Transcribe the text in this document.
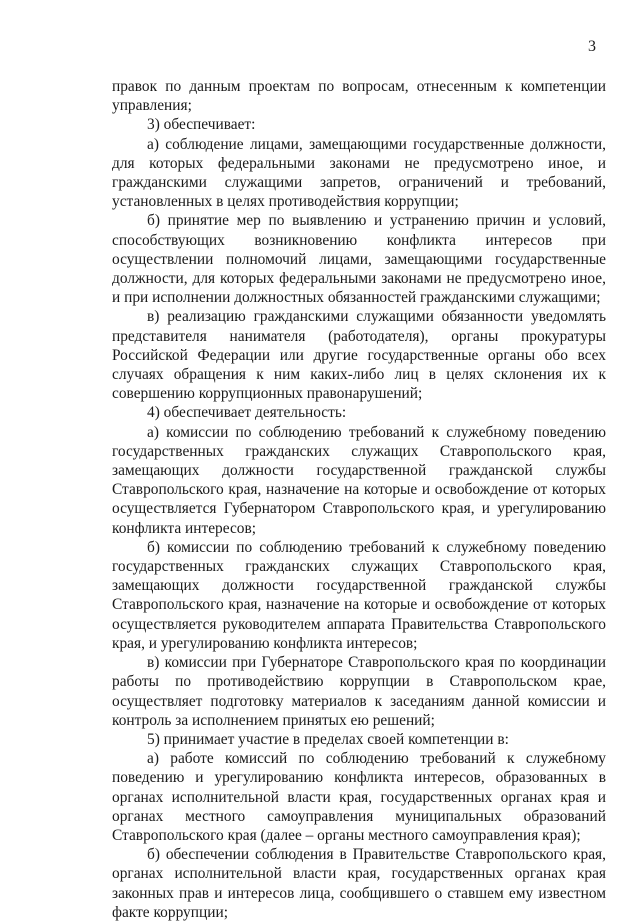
3

правок по данным проектам по вопросам, отнесенным к компетенции управления;

3) обеспечивает:

а) соблюдение лицами, замещающими государственные должности, для которых федеральными законами не предусмотрено иное, и гражданскими служащими запретов, ограничений и требований, установленных в целях противодействия коррупции;

б) принятие мер по выявлению и устранению причин и условий, способствующих возникновению конфликта интересов при осуществлении полномочий лицами, замещающими государственные должности, для которых федеральными законами не предусмотрено иное, и при исполнении должностных обязанностей гражданскими служащими;

в) реализацию гражданскими служащими обязанности уведомлять представителя нанимателя (работодателя), органы прокуратуры Российской Федерации или другие государственные органы обо всех случаях обращения к ним каких-либо лиц в целях склонения их к совершению коррупционных правонарушений;

4) обеспечивает деятельность:

а) комиссии по соблюдению требований к служебному поведению государственных гражданских служащих Ставропольского края, замещающих должности государственной гражданской службы Ставропольского края, назначение на которые и освобождение от которых осуществляется Губернатором Ставропольского края, и урегулированию конфликта интересов;

б) комиссии по соблюдению требований к служебному поведению государственных гражданских служащих Ставропольского края, замещающих должности государственной гражданской службы Ставропольского края, назначение на которые и освобождение от которых осуществляется руководителем аппарата Правительства Ставропольского края, и урегулированию конфликта интересов;

в) комиссии при Губернаторе Ставропольского края по координации работы по противодействию коррупции в Ставропольском крае, осуществляет подготовку материалов к заседаниям данной комиссии и контроль за исполнением принятых ею решений;

5) принимает участие в пределах своей компетенции в:

а) работе комиссий по соблюдению требований к служебному поведению и урегулированию конфликта интересов, образованных в органах исполнительной власти края, государственных органах края и органах местного самоуправления муниципальных образований Ставропольского края (далее – органы местного самоуправления края);

б) обеспечении соблюдения в Правительстве Ставропольского края, органах исполнительной власти края, государственных органах края законных прав и интересов лица, сообщившего о ставшем ему известном факте коррупции;
